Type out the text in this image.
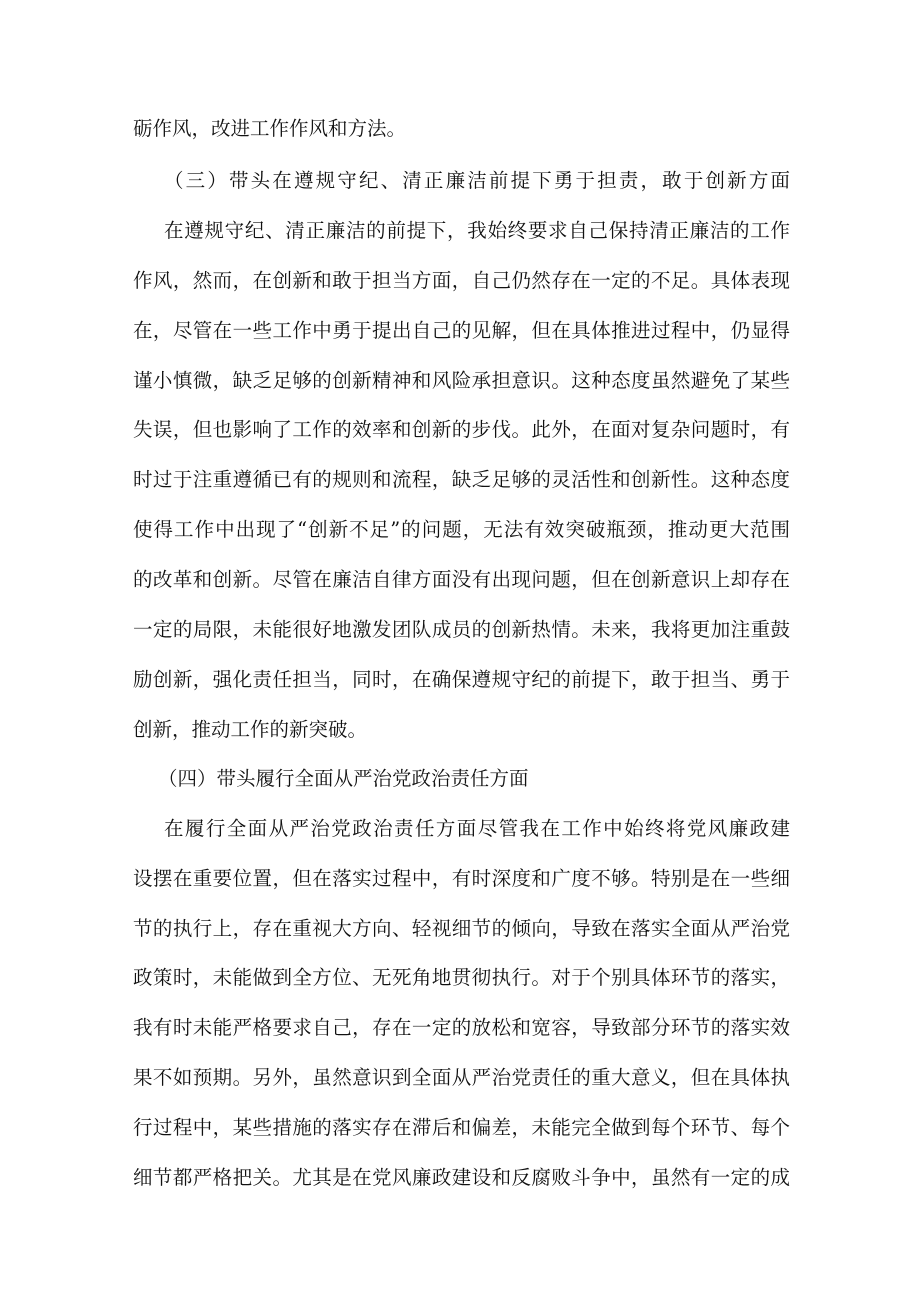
砺作风，改进工作作风和方法。

（三）带头在遵规守纪、清正廉洁前提下勇于担责，敢于创新方面

在遵规守纪、清正廉洁的前提下，我始终要求自己保持清正廉洁的工作

作风，然而，在创新和敢于担当方面，自己仍然存在一定的不足。具体表现

在，尽管在一些工作中勇于提出自己的见解，但在具体推进过程中，仍显得

谨小慎微，缺乏足够的创新精神和风险承担意识。这种态度虽然避免了某些

失误，但也影响了工作的效率和创新的步伐。此外，在面对复杂问题时，有

时过于注重遵循已有的规则和流程，缺乏足够的灵活性和创新性。这种态度

使得工作中出现了“创新不足”的问题，无法有效突破瓶颈，推动更大范围

的改革和创新。尽管在廉洁自律方面没有出现问题，但在创新意识上却存在

一定的局限，未能很好地激发团队成员的创新热情。未来，我将更加注重鼓

励创新，强化责任担当，同时，在确保遵规守纪的前提下，敢于担当、勇于

创新，推动工作的新突破。

（四）带头履行全面从严治党政治责任方面

在履行全面从严治党政治责任方面尽管我在工作中始终将党风廉政建

设摆在重要位置，但在落实过程中，有时深度和广度不够。特别是在一些细

节的执行上，存在重视大方向、轻视细节的倾向，导致在落实全面从严治党

政策时，未能做到全方位、无死角地贯彻执行。对于个别具体环节的落实，

我有时未能严格要求自己，存在一定的放松和宽容，导致部分环节的落实效

果不如预期。另外，虽然意识到全面从严治党责任的重大意义，但在具体执

行过程中，某些措施的落实存在滞后和偏差，未能完全做到每个环节、每个

细节都严格把关。尤其是在党风廉政建设和反腐败斗争中，虽然有一定的成
